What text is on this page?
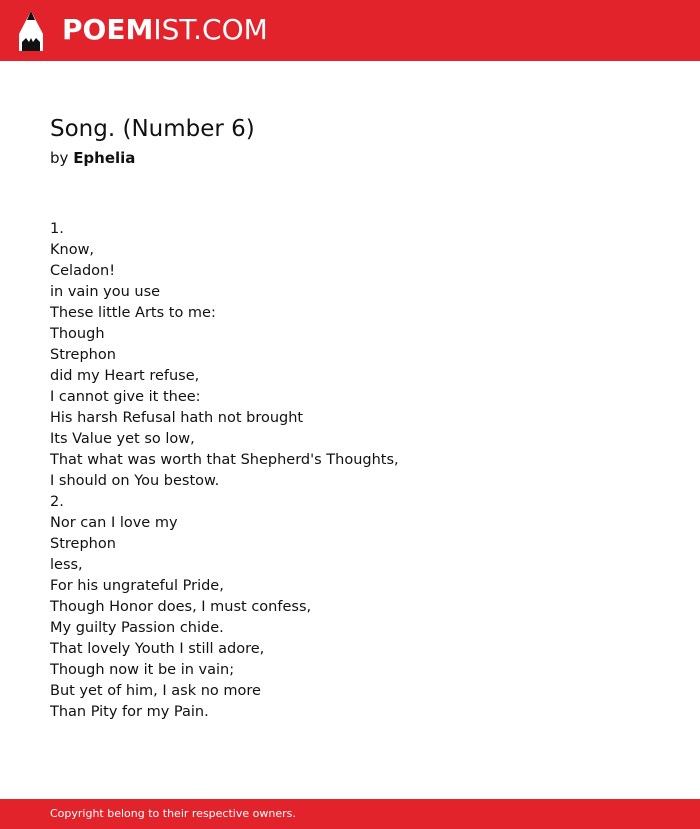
POEMIST.COM
Song. (Number 6)
by Ephelia
1.
Know,
Celadon!
in vain you use
These little Arts to me:
Though
Strephon
did my Heart refuse,
I cannot give it thee:
His harsh Refusal hath not brought
Its Value yet so low,
That what was worth that Shepherd's Thoughts,
I should on You bestow.
2.
Nor can I love my
Strephon
less,
For his ungrateful Pride,
Though Honor does, I must confess,
My guilty Passion chide.
That lovely Youth I still adore,
Though now it be in vain;
But yet of him, I ask no more
Than Pity for my Pain.
Copyright belong to their respective owners.
